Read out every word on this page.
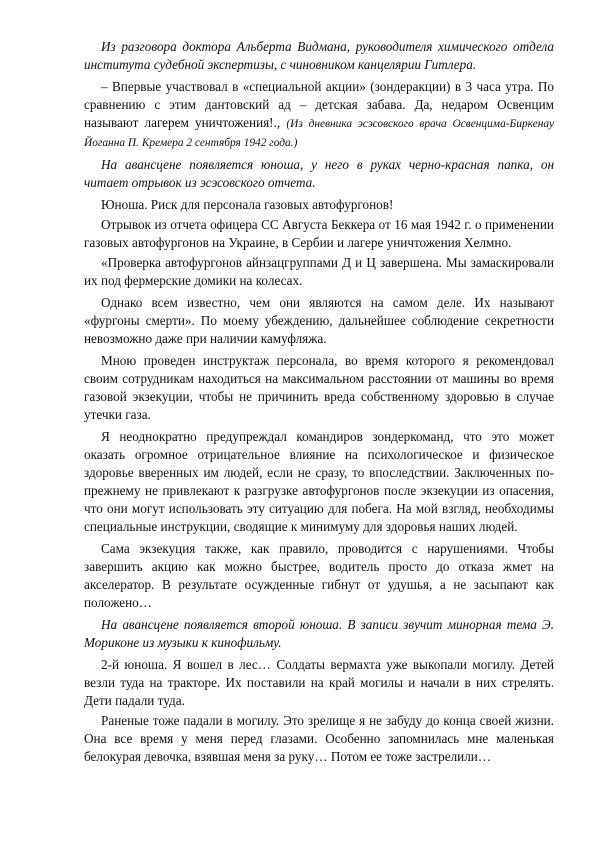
Из разговора доктора Альберта Видмана, руководителя химического отдела института судебной экспертизы, с чиновником канцелярии Гитлера.

– Впервые участвовал в «специальной акции» (зондеракции) в 3 часа утра. По сравнению с этим дантовский ад – детская забава. Да, недаром Освенцим называют лагерем уничтожения!., (Из дневника эсэсовского врача Освенцима-Биркенау Йоганна П. Кремера 2 сентября 1942 года.)

На авансцене появляется юноша, у него в руках черно-красная папка, он читает отрывок из эсэсовского отчета.

Юноша. Риск для персонала газовых автофургонов!

Отрывок из отчета офицера СС Августа Беккера от 16 мая 1942 г. о применении газовых автофургонов на Украине, в Сербии и лагере уничтожения Хелмно.

«Проверка автофургонов айнзацгруппами Д и Ц завершена. Мы замаскировали их под фермерские домики на колесах.

Однако всем известно, чем они являются на самом деле. Их называют «фургоны смерти». По моему убеждению, дальнейшее соблюдение секретности невозможно даже при наличии камуфляжа.

Мною проведен инструктаж персонала, во время которого я рекомендовал своим сотрудникам находиться на максимальном расстоянии от машины во время газовой экзекуции, чтобы не причинить вреда собственному здоровью в случае утечки газа.

Я неоднократно предупреждал командиров зондеркоманд, что это может оказать огромное отрицательное влияние на психологическое и физическое здоровье вверенных им людей, если не сразу, то впоследствии. Заключенных по-прежнему не привлекают к разгрузке автофургонов после экзекуции из опасения, что они могут использовать эту ситуацию для побега. На мой взгляд, необходимы специальные инструкции, сводящие к минимуму для здоровья наших людей.

Сама экзекуция также, как правило, проводится с нарушениями. Чтобы завершить акцию как можно быстрее, водитель просто до отказа жмет на акселератор. В результате осужденные гибнут от удушья, а не засыпают как положено…

На авансцене появляется второй юноша. В записи звучит минорная тема Э. Мориконе из музыки к кинофильму.

2-й юноша. Я вошел в лес… Солдаты вермахта уже выкопали могилу. Детей везли туда на тракторе. Их поставили на край могилы и начали в них стрелять. Дети падали туда.

Раненые тоже падали в могилу. Это зрелище я не забуду до конца своей жизни. Она все время у меня перед глазами. Особенно запомнилась мне маленькая белокурая девочка, взявшая меня за руку… Потом ее тоже застрелили…
